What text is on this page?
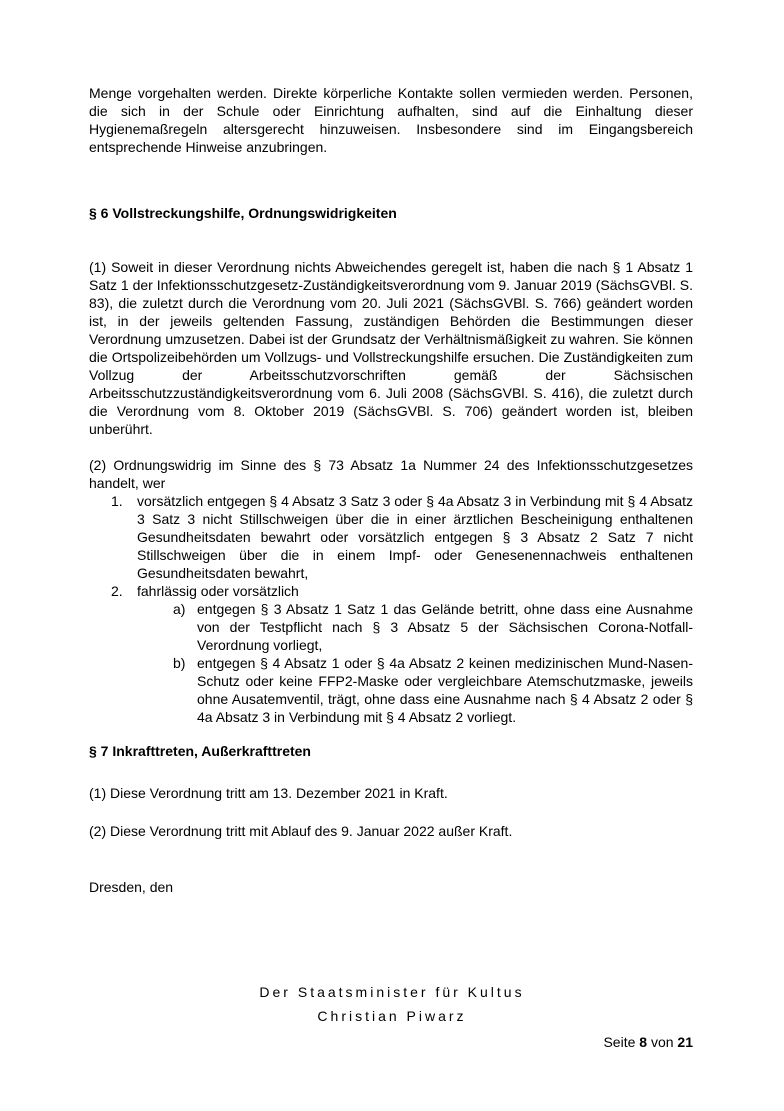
Menge vorgehalten werden. Direkte körperliche Kontakte sollen vermieden werden. Personen, die sich in der Schule oder Einrichtung aufhalten, sind auf die Einhaltung dieser Hygienemaßregeln altersgerecht hinzuweisen. Insbesondere sind im Eingangsbereich entsprechende Hinweise anzubringen.

§ 6 Vollstreckungshilfe, Ordnungswidrigkeiten

(1) Soweit in dieser Verordnung nichts Abweichendes geregelt ist, haben die nach § 1 Absatz 1 Satz 1 der Infektionsschutzgesetz-Zuständigkeitsverordnung vom 9. Januar 2019 (SächsGVBl. S. 83), die zuletzt durch die Verordnung vom 20. Juli 2021 (SächsGVBl. S. 766) geändert worden ist, in der jeweils geltenden Fassung, zuständigen Behörden die Bestimmungen dieser Verordnung umzusetzen. Dabei ist der Grundsatz der Verhältnismäßigkeit zu wahren. Sie können die Ortspolizeibehörden um Vollzugs- und Vollstreckungshilfe ersuchen. Die Zuständigkeiten zum Vollzug der Arbeitsschutzvorschriften gemäß der Sächsischen Arbeitsschutzzuständigkeitsverordnung vom 6. Juli 2008 (SächsGVBl. S. 416), die zuletzt durch die Verordnung vom 8. Oktober 2019 (SächsGVBl. S. 706) geändert worden ist, bleiben unberührt.

(2) Ordnungswidrig im Sinne des § 73 Absatz 1a Nummer 24 des Infektionsschutzgesetzes handelt, wer

1.	vorsätzlich entgegen § 4 Absatz 3 Satz 3 oder § 4a Absatz 3 in Verbindung mit § 4 Absatz 3 Satz 3 nicht Stillschweigen über die in einer ärztlichen Bescheinigung enthaltenen Gesundheitsdaten bewahrt oder vorsätzlich entgegen § 3 Absatz 2 Satz 7 nicht Stillschweigen über die in einem Impf- oder Genesenennachweis enthaltenen Gesundheitsdaten bewahrt,
2.	fahrlässig oder vorsätzlich
a) entgegen § 3 Absatz 1 Satz 1 das Gelände betritt, ohne dass eine Ausnahme von der Testpflicht nach § 3 Absatz 5 der Sächsischen Corona-Notfall-Verordnung vorliegt,
b) entgegen § 4 Absatz 1 oder § 4a Absatz 2 keinen medizinischen Mund-Nasen-Schutz oder keine FFP2-Maske oder vergleichbare Atemschutzmaske, jeweils ohne Ausatemventil, trägt, ohne dass eine Ausnahme nach § 4 Absatz 2 oder § 4a Absatz 3 in Verbindung mit § 4 Absatz 2 vorliegt.

§ 7 Inkrafttreten, Außerkrafttreten

(1) Diese Verordnung tritt am 13. Dezember 2021 in Kraft.

(2) Diese Verordnung tritt mit Ablauf des 9. Januar 2022 außer Kraft.

Dresden, den

Der Staatsminister für Kultus
Christian Piwarz
Seite 8 von 21
